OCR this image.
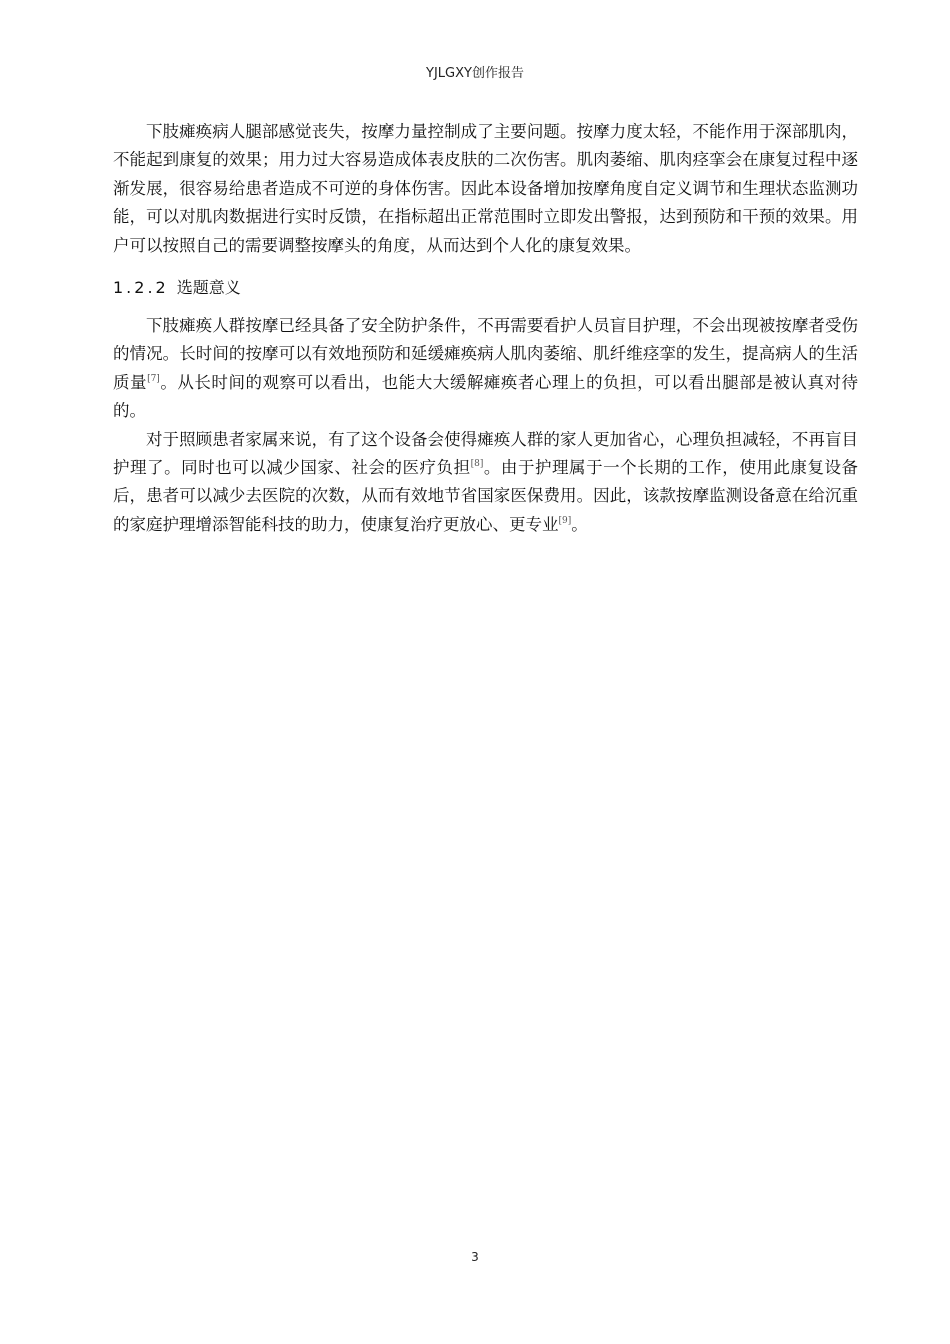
YJLGXY创作报告

下肢瘫痪病人腿部感觉丧失，按摩力量控制成了主要问题。按摩力度太轻，不能作用于深部肌肉，不能起到康复的效果；用力过大容易造成体表皮肤的二次伤害。肌肉萎缩、肌肉痉挛会在康复过程中逐渐发展，很容易给患者造成不可逆的身体伤害。因此本设备增加按摩角度自定义调节和生理状态监测功能，可以对肌肉数据进行实时反馈，在指标超出正常范围时立即发出警报，达到预防和干预的效果。用户可以按照自己的需要调整按摩头的角度，从而达到个人化的康复效果。

1.2.2 选题意义

下肢瘫痪人群按摩已经具备了安全防护条件，不再需要看护人员盲目护理，不会出现被按摩者受伤的情况。长时间的按摩可以有效地预防和延缓瘫痪病人肌肉萎缩、肌纤维痉挛的发生，提高病人的生活质量[7]。从长时间的观察可以看出，也能大大缓解瘫痪者心理上的负担，可以看出腿部是被认真对待的。

对于照顾患者家属来说，有了这个设备会使得瘫痪人群的家人更加省心，心理负担减轻，不再盲目护理了。同时也可以减少国家、社会的医疗负担[8]。由于护理属于一个长期的工作，使用此康复设备后，患者可以减少去医院的次数，从而有效地节省国家医保费用。因此，该款按摩监测设备意在给沉重的家庭护理增添智能科技的助力，使康复治疗更放心、更专业[9]。

3
